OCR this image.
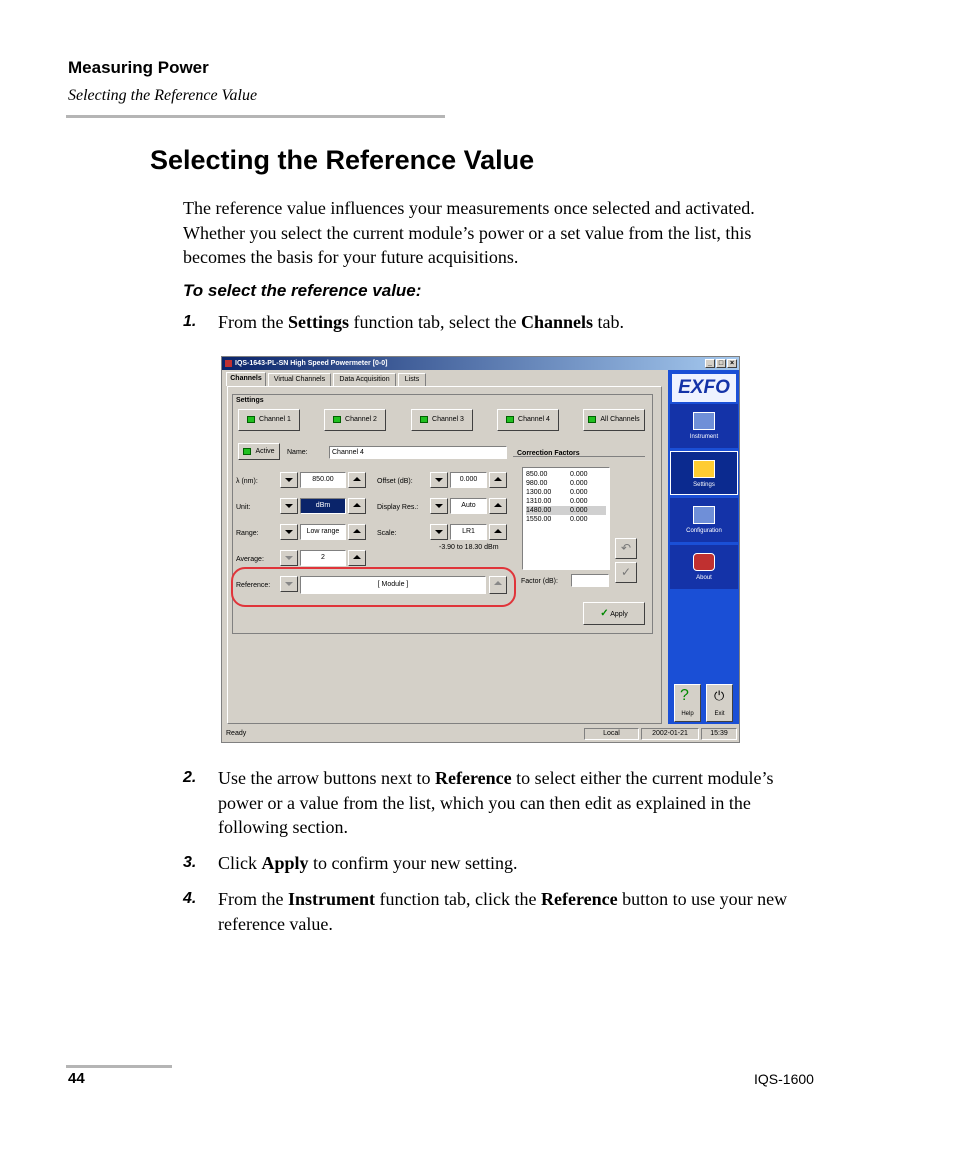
Measuring Power
Selecting the Reference Value
Selecting the Reference Value
The reference value influences your measurements once selected and activated. Whether you select the current module’s power or a set value from the list, this becomes the basis for your future acquisitions.
To select the reference value:
1. From the Settings function tab, select the Channels tab.
IQS-1643-PL-SN High Speed Powermeter [0-0]	_ □ ×
Channels	Virtual Channels	Data Acquisition	Lists
Settings
Channel 1	Channel 2	Channel 3	Channel 4	All Channels
Active	Name:	Channel 4
λ (nm):	850.00
Unit:	dBm
Range:	Low range
Average:	2
Offset (dB):	0.000
Display Res.:	Auto
Scale:	LR1
-3.90 to 18.30 dBm
Reference:	[ Module ]
Correction Factors
850.00	0.000
980.00	0.000
1300.00	0.000
1310.00	0.000
1480.00	0.000
1550.00	0.000
↶
✓
Factor (dB):
✓ Apply
EXFO
Instrument
Settings
Configuration
About
?
Help
⏻
Exit
Ready	Local	2002-01-21	15:39
2. Use the arrow buttons next to Reference to select either the current module’s power or a value from the list, which you can then edit as explained in the following section.
3. Click Apply to confirm your new setting.
4. From the Instrument function tab, click the Reference button to use your new reference value.
44	IQS-1600
